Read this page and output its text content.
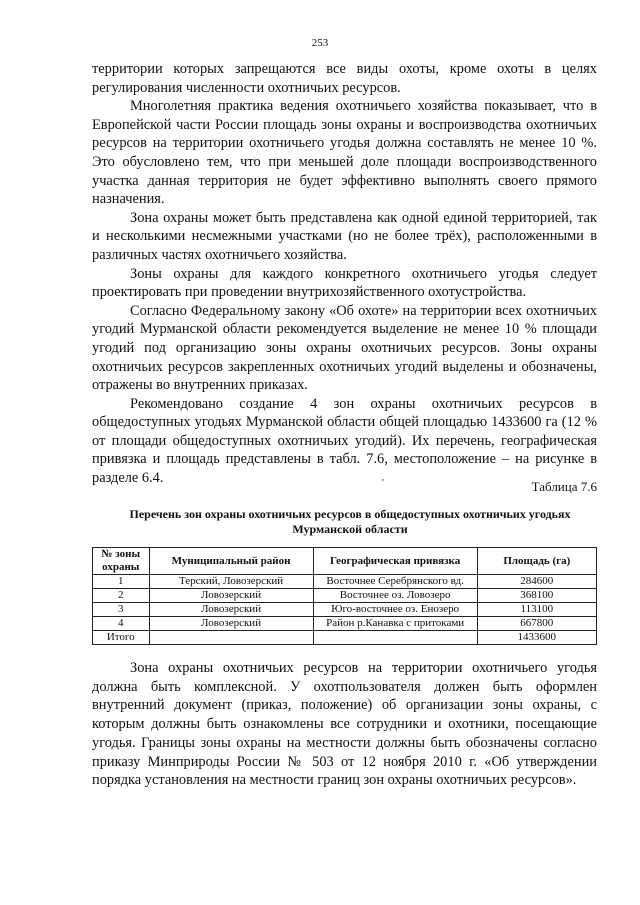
253

территории которых запрещаются все виды охоты, кроме охоты в целях регулирования численности охотничьих ресурсов.

Многолетняя практика ведения охотничьего хозяйства показывает, что в Европейской части России площадь зоны охраны и воспроизводства охотничьих ресурсов на территории охотничьего угодья должна составлять не менее 10 %. Это обусловлено тем, что при меньшей доле площади воспроизводственного участка данная территория не будет эффективно выполнять своего прямого назначения.

Зона охраны может быть представлена как одной единой территорией, так и несколькими несмежными участками (но не более трёх), расположенными в различных частях охотничьего хозяйства.

Зоны охраны для каждого конкретного охотничьего угодья следует проектировать при проведении внутрихозяйственного охотустройства.

Согласно Федеральному закону «Об охоте» на территории всех охотничьих угодий Мурманской области рекомендуется выделение не менее 10 % площади угодий под организацию зоны охраны охотничьих ресурсов. Зоны охраны охотничьих ресурсов закрепленных охотничьих угодий выделены и обозначены, отражены во внутренних приказах.

Рекомендовано создание 4 зон охраны охотничьих ресурсов в общедоступных угодьях Мурманской области общей площадью 1433600 га (12 % от площади общедоступных охотничьих угодий). Их перечень, географическая привязка и площадь представлены в табл. 7.6, местоположение – на рисунке в разделе 6.4.	'	Таблица 7.6
Перечень зон охраны охотничьих ресурсов в общедоступных охотничьих угодьях Мурманской области
№ зоны охраны	Муниципальный район	Географическая привязка	Площадь (га)
1	Терский, Ловозерский	Восточнее Серебрянского вд.	284600
2	Ловозерский	Восточнее оз. Ловозеро	368100
3	Ловозерский	Юго-восточнее оз. Енозеро	113100
4	Ловозерский	Район р.Канавка с притоками	667800
Итого			1433600

Зона охраны охотничьих ресурсов на территории охотничьего угодья должна быть комплексной. У охотпользователя должен быть оформлен внутренний документ (приказ, положение) об организации зоны охраны, с которым должны быть ознакомлены все сотрудники и охотники, посещающие угодья. Границы зоны охраны на местности должны быть обозначены согласно приказу Минприроды России № 503 от 12 ноября 2010 г. «Об утверждении порядка установления на местности границ зон охраны охотничьих ресурсов».
